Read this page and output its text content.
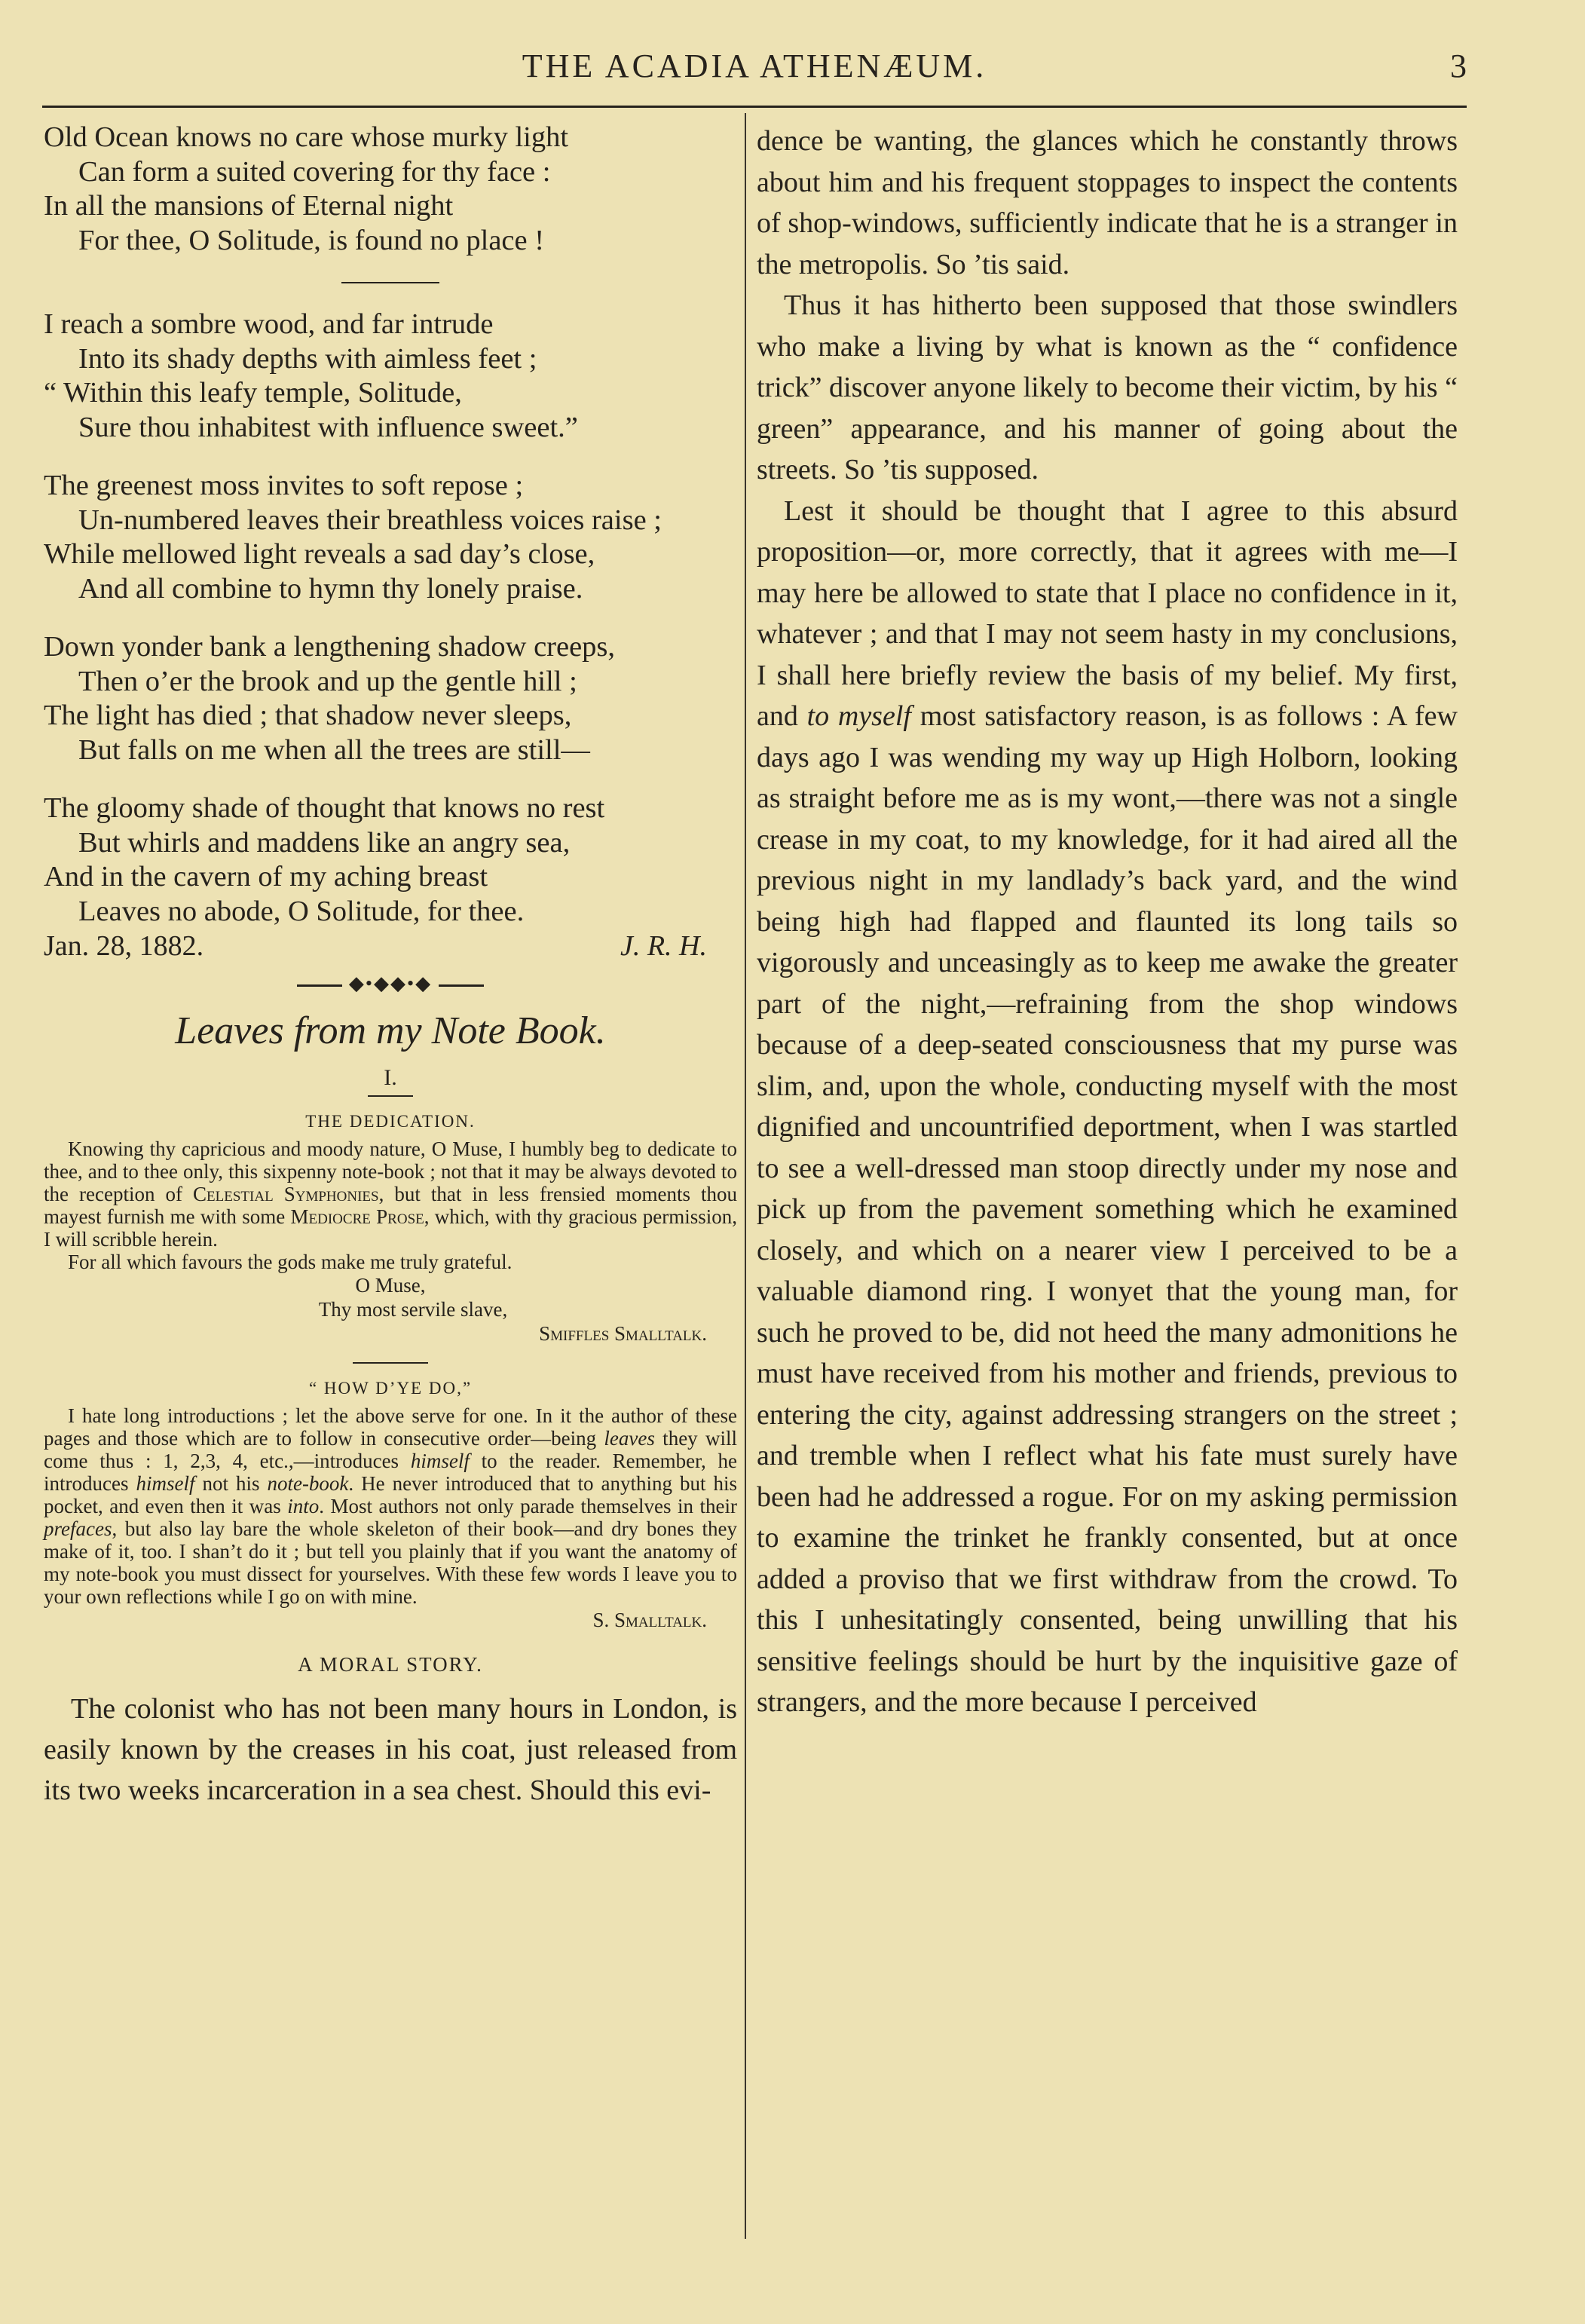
THE ACADIA ATHENÆUM.	3
Old Ocean knows no care whose murky light
Can form a suited covering for thy face :
In all the mansions of Eternal night
For thee, O Solitude, is found no place !
I reach a sombre wood, and far intrude
Into its shady depths with aimless feet ;
“ Within this leafy temple, Solitude,
Sure thou inhabitest with influence sweet.”
The greenest moss invites to soft repose ;
Un-numbered leaves their breathless voices raise ;
While mellowed light reveals a sad day’s close,
And all combine to hymn thy lonely praise.
Down yonder bank a lengthening shadow creeps,
Then o’er the brook and up the gentle hill ;
The light has died ; that shadow never sleeps,
But falls on me when all the trees are still—
The gloomy shade of thought that knows no rest
But whirls and maddens like an angry sea,
And in the cavern of my aching breast
Leaves no abode, O Solitude, for thee.
Jan. 28, 1882.	J. R. H.
◆•◆◆•◆
Leaves from my Note Book.
I.
THE DEDICATION.

Knowing thy capricious and moody nature, O Muse, I humbly beg to dedicate to thee, and to thee only, this sixpenny note-book ; not that it may be always devoted to the reception of Celestial Symphonies, but that in less frensied moments thou mayest furnish me with some Mediocre Prose, which, with thy gracious permission, I will scribble herein.

For all which favours the gods make me truly grateful.

O Muse,
Thy most servile slave,
Smiffles Smalltalk.
“ HOW D’YE DO,”

I hate long introductions ; let the above serve for one. In it the author of these pages and those which are to follow in consecutive order—being leaves they will come thus : 1, 2,3, 4, etc.,—introduces himself to the reader. Remember, he introduces himself not his note-book. He never introduced that to anything but his pocket, and even then it was into. Most authors not only parade themselves in their prefaces, but also lay bare the whole skeleton of their book—and dry bones they make of it, too. I shan’t do it ; but tell you plainly that if you want the anatomy of my note-book you must dissect for yourselves. With these few words I leave you to your own reflections while I go on with mine.

S. Smalltalk.
A MORAL STORY.

The colonist who has not been many hours in London, is easily known by the creases in his coat, just released from its two weeks incarceration in a sea chest. Should this evi-

dence be wanting, the glances which he constantly throws about him and his frequent stoppages to inspect the contents of shop-windows, sufficiently indicate that he is a stranger in the metropolis. So ’tis said.

Thus it has hitherto been supposed that those swindlers who make a living by what is known as the “ confidence trick” discover anyone likely to become their victim, by his “ green” appearance, and his manner of going about the streets. So ’tis supposed.

Lest it should be thought that I agree to this absurd proposition—or, more correctly, that it agrees with me—I may here be allowed to state that I place no confidence in it, whatever ; and that I may not seem hasty in my conclusions, I shall here briefly review the basis of my belief. My first, and to myself most satisfactory reason, is as follows : A few days ago I was wending my way up High Holborn, looking as straight before me as is my wont,—there was not a single crease in my coat, to my knowledge, for it had aired all the previous night in my landlady’s back yard, and the wind being high had flapped and flaunted its long tails so vigorously and unceasingly as to keep me awake the greater part of the night,—refraining from the shop windows because of a deep-seated consciousness that my purse was slim, and, upon the whole, conducting myself with the most dignified and uncountrified deportment, when I was startled to see a well-dressed man stoop directly under my nose and pick up from the pavement something which he examined closely, and which on a nearer view I perceived to be a valuable diamond ring. I wonyet that the young man, for such he proved to be, did not heed the many admonitions he must have received from his mother and friends, previous to entering the city, against addressing strangers on the street ; and tremble when I reflect what his fate must surely have been had he addressed a rogue. For on my asking permission to examine the trinket he frankly consented, but at once added a proviso that we first withdraw from the crowd. To this I unhesitatingly consented, being unwilling that his sensitive feelings should be hurt by the inquisitive gaze of strangers, and the more because I perceived
